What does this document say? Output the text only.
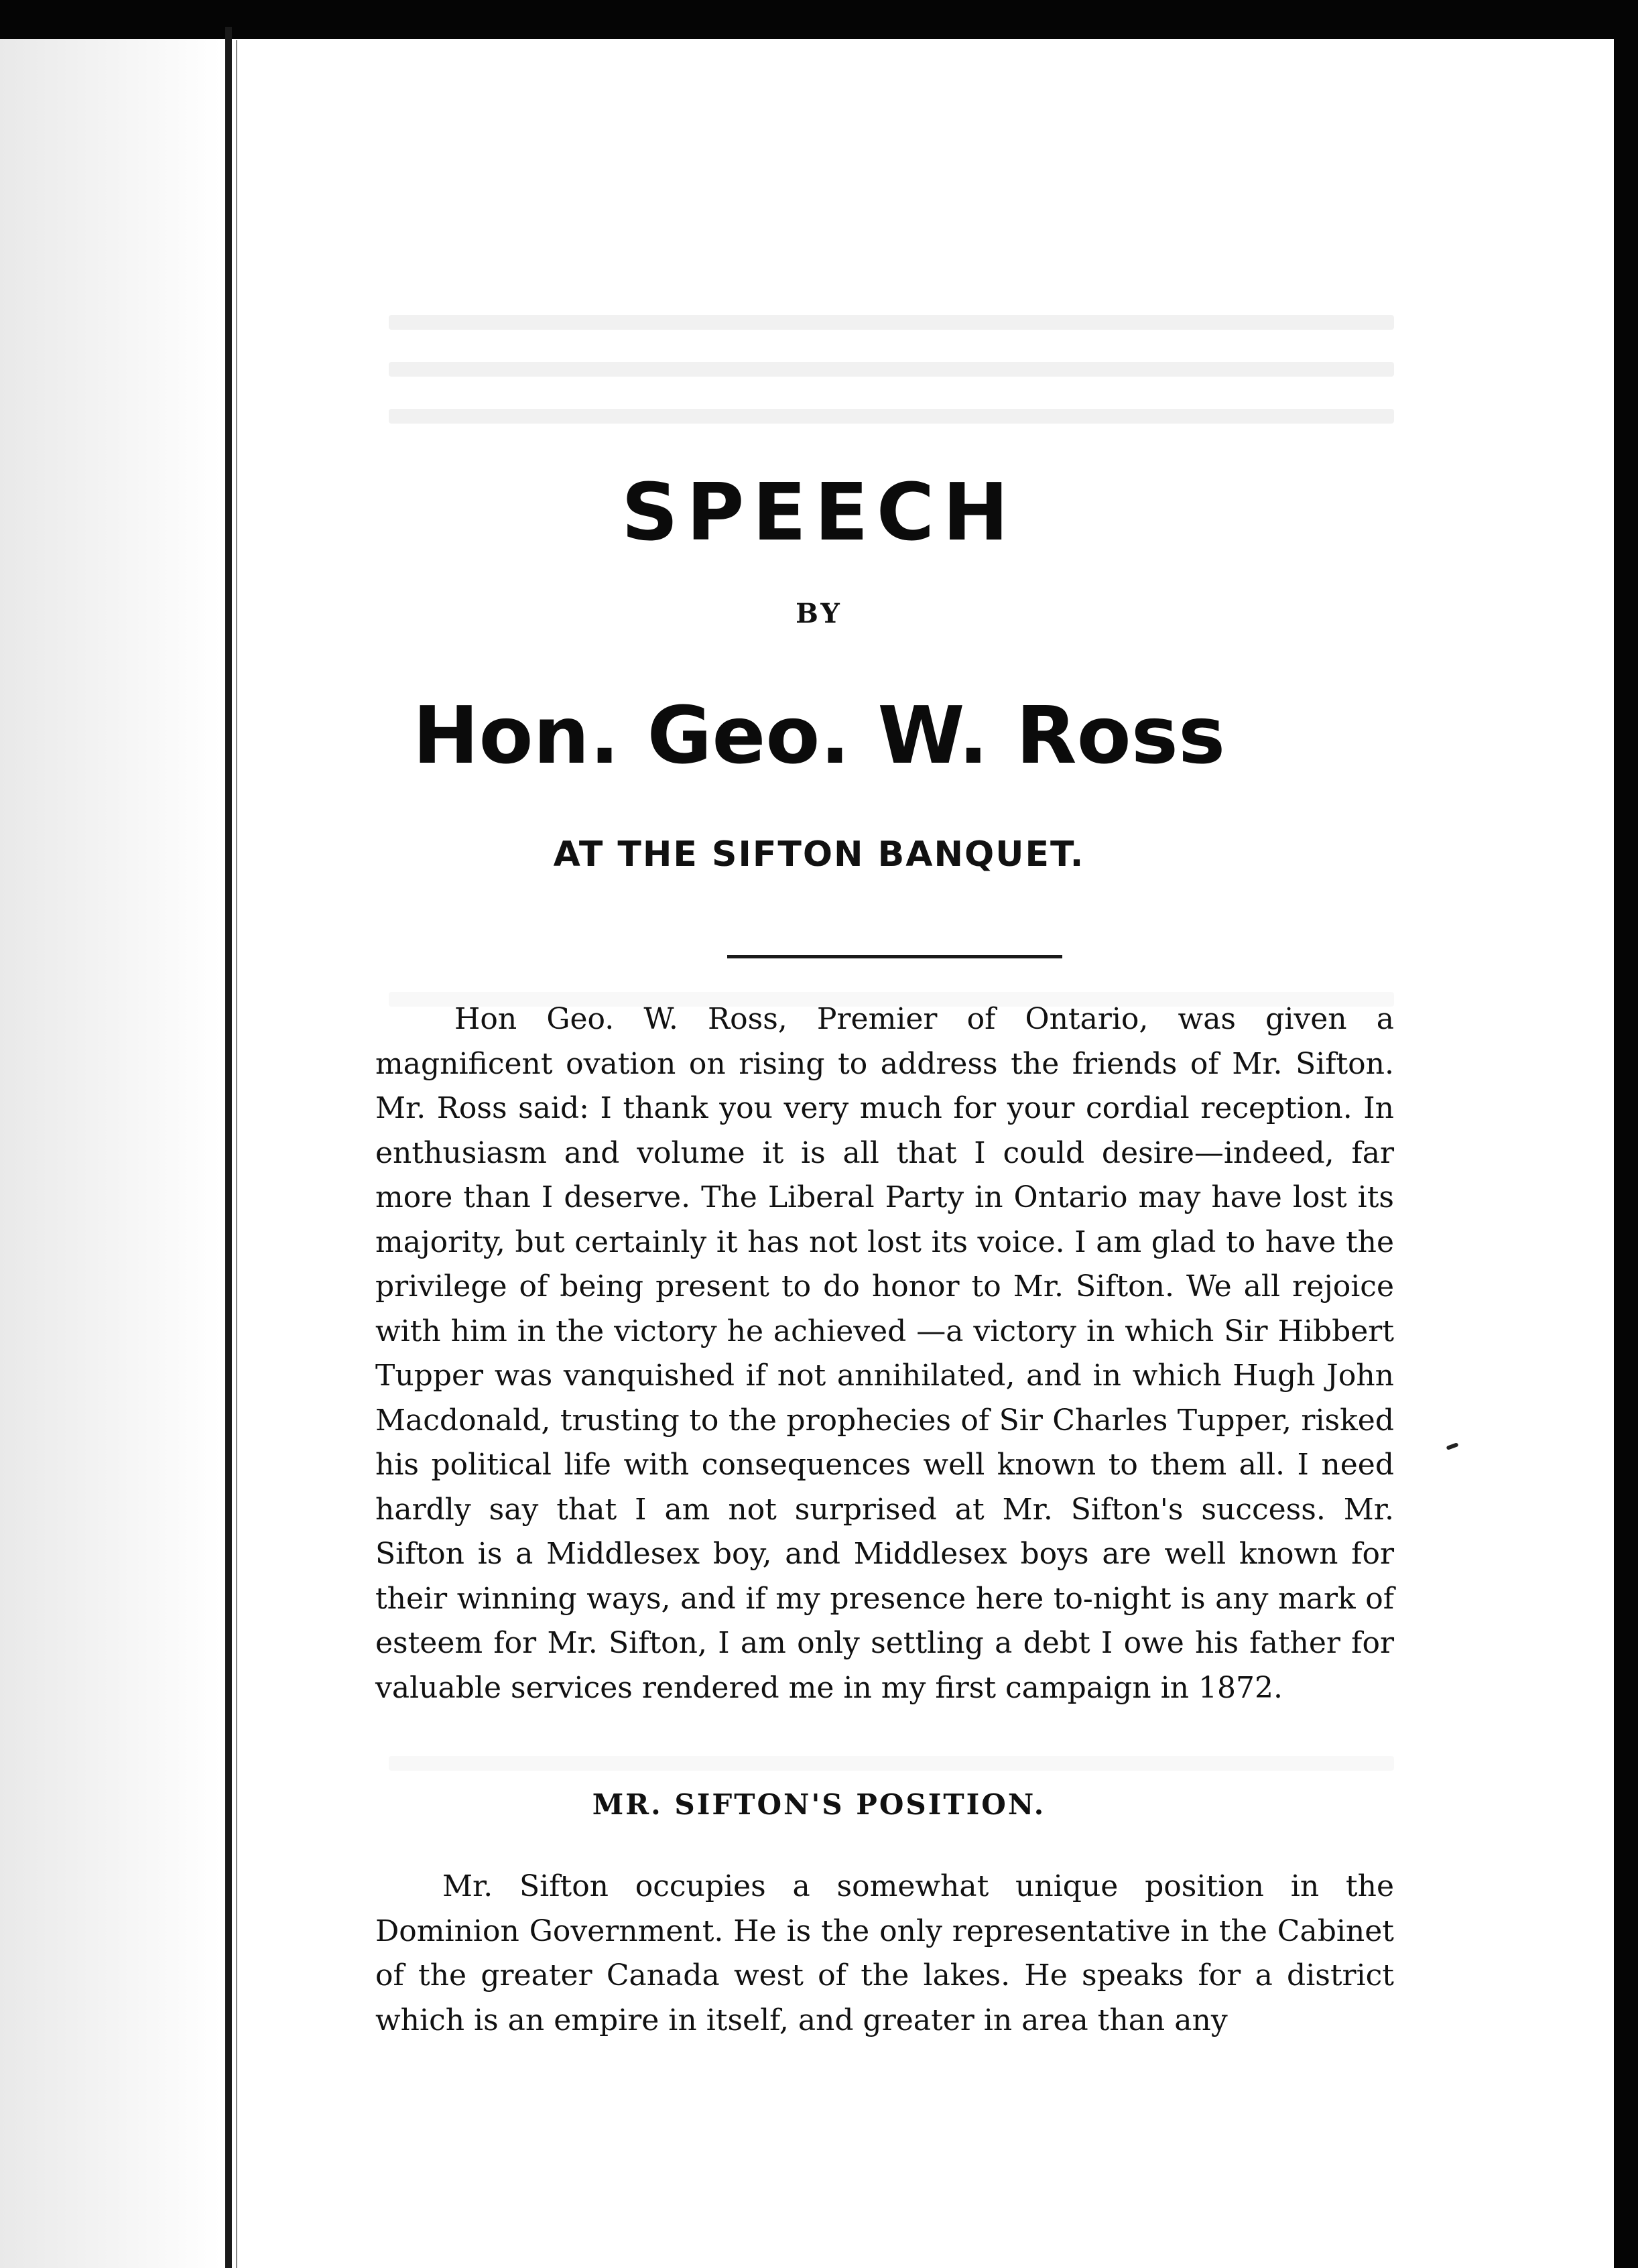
SPEECH
BY
Hon. Geo. W. Ross
AT THE SIFTON BANQUET.

Hon Geo. W. Ross, Premier of Ontario, was given a magnificent ovation on rising to address the friends of Mr. Sifton. Mr. Ross said: I thank you very much for your cordial reception. In enthusiasm and volume it is all that I could desire—indeed, far more than I deserve. The Liberal Party in Ontario may have lost its majority, but certainly it has not lost its voice. I am glad to have the privilege of being present to do honor to Mr. Sifton. We all rejoice with him in the victory he achieved —a victory in which Sir Hibbert Tupper was vanquished if not annihilated, and in which Hugh John Macdonald, trusting to the prophecies of Sir Charles Tupper, risked his political life with consequences well known to them all. I need hardly say that I am not surprised at Mr. Sifton's success. Mr. Sifton is a Middlesex boy, and Middlesex boys are well known for their winning ways, and if my presence here to-night is any mark of esteem for Mr. Sifton, I am only settling a debt I owe his father for valuable services rendered me in my first campaign in 1872.

MR. SIFTON'S POSITION.

Mr. Sifton occupies a somewhat unique position in the Dominion Government. He is the only representative in the Cabinet of the greater Canada west of the lakes. He speaks for a district which is an empire in itself, and greater in area than any
